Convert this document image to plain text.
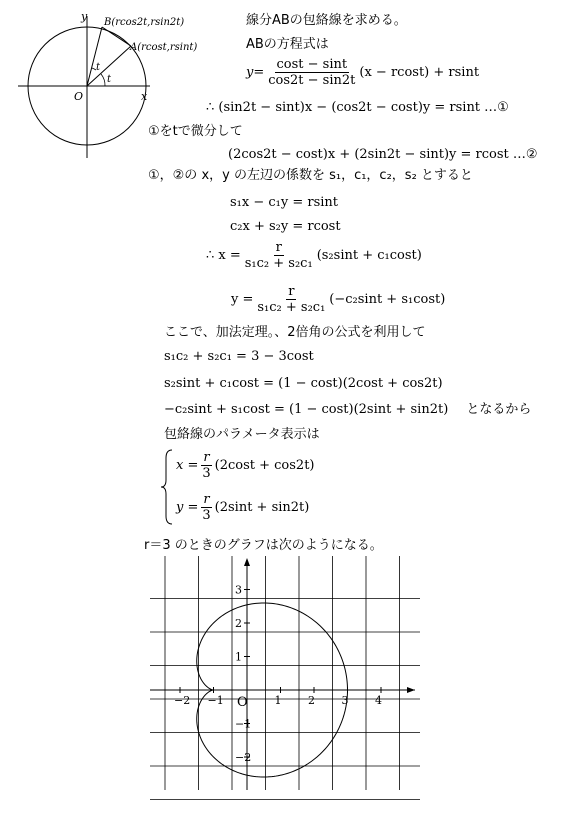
y
x
O
B(rcos2t,rsin2t)
A(rcost,rsint)
t
t
線分ABの包絡線を求める。
ABの方程式は
$y= \frac{\cos t - \sin t}{\cos 2t - \sin 2t} (x - rcost) + rsint$
∴ (sin2t − sint)x − (cos2t − cost)y = rsint …①
①をtで微分して
(2cos2t − cost)x + (2sin2t − sint)y = rcost …②
①，②の x，y の左辺の係数を s₁，c₁，c₂，s₂ とすると
s₁x − c₁y = rsint
c₂x + s₂y = rcost
∴ $x = \frac{r}{\text{s₁c₂ + s₂c₁}} (s_2\sin t + c_1\cos t)$
$y = \frac{r}{\text{s₁c₂ + s₂c₁}} (-c_2\sin t + s_1\cos t)$
ここで、加法定理。、2倍角の公式を利用して
s₁c₂ + s₂c₁ = 3 − 3cost
s₂sint + c₁cost = (1 − cost)(2cost + cos2t)
−c₂sint + s₁cost = (1 − cost)(2sint + sin2t) となるから
包絡線のパラメータ表示は
$x = \frac{r}{3} (2\cos t + \cos 2t)$
$y = \frac{r}{3} (2\sin t + \sin 2t)$
r＝3 のときのグラフは次のようになる。
−2 −1	1 2 3 4
−2
−1
1
2
3
O
